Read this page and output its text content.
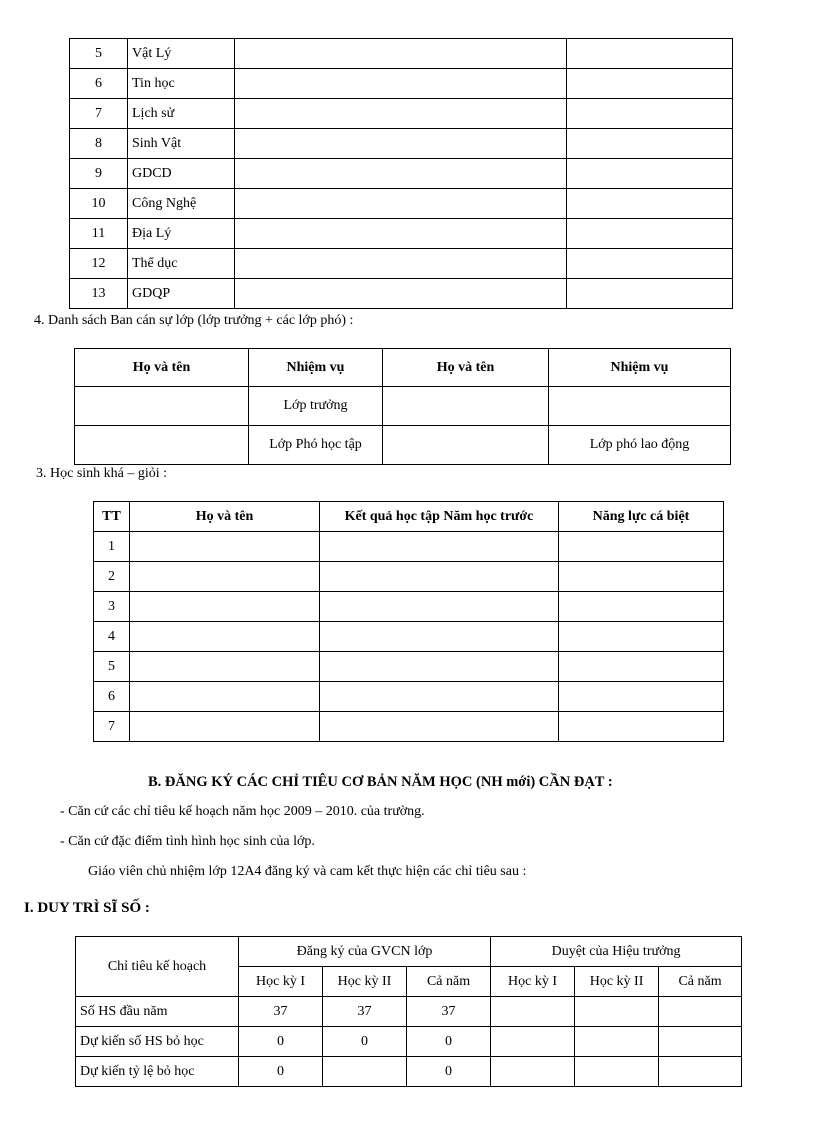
5	Vật Lý		
6	Tin học		
7	Lịch sử		
8	Sinh Vật		
9	GDCD		
10	Công Nghệ		
11	Địa Lý		
12	Thể dục		
13	GDQP		

4. Danh sách Ban cán sự lớp (lớp trưởng + các lớp phó) :

Họ và tên	Nhiệm vụ	Họ và tên	Nhiệm vụ
	Lớp trưởng		
	Lớp Phó học tập		Lớp phó lao động

3. Học sinh khá – giỏi :

TT	Họ và tên	Kết quả học tập Năm học trước	Năng lực cá biệt
1			
2			
3			
4			
5			
6			
7			

B. ĐĂNG KÝ CÁC CHỈ TIÊU CƠ BẢN NĂM HỌC (NH mới) CẦN ĐẠT :

- Căn cứ các chỉ tiêu kế hoạch năm học 2009 – 2010. của trường.

- Căn cứ đặc điểm tình hình học sinh của lớp.

Giáo viên chủ nhiệm lớp 12A4 đăng ký và cam kết thực hiện các chỉ tiêu sau :

I. DUY TRÌ SĨ SỐ :

Chỉ tiêu kế hoạch	Đăng ký của GVCN lớp			Duyệt của Hiệu trưởng		
	Học kỳ I	Học kỳ II	Cả năm	Học kỳ I	Học kỳ II	Cả năm
Số HS đầu năm	37	37	37			
Dự kiến số HS bỏ học	0	0	0			
Dự kiến tỷ lệ bỏ học	0		0			
